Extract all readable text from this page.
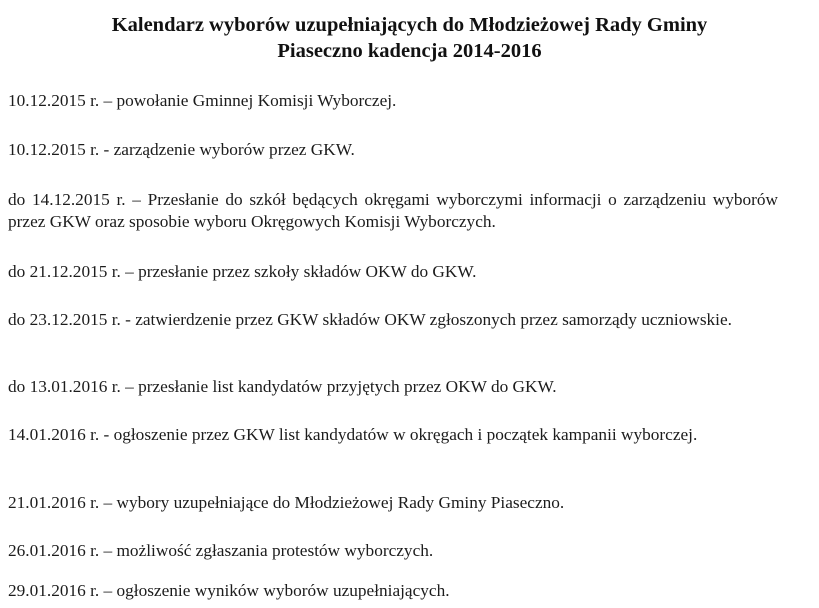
Kalendarz wyborów uzupełniających do Młodzieżowej Rady Gminy
Piaseczno kadencja 2014-2016
10.12.2015 r. – powołanie Gminnej Komisji Wyborczej.
10.12.2015 r. - zarządzenie wyborów przez GKW.
do 14.12.2015 r. – Przesłanie do szkół będących okręgami wyborczymi informacji o zarządzeniu wyborów przez GKW oraz sposobie wyboru Okręgowych Komisji Wyborczych.
do 21.12.2015 r. – przesłanie przez szkoły składów OKW do GKW.
do 23.12.2015 r. - zatwierdzenie przez GKW składów OKW zgłoszonych przez samorządy uczniowskie.
do 13.01.2016 r. – przesłanie list kandydatów przyjętych przez OKW do GKW.
14.01.2016 r. - ogłoszenie przez GKW list kandydatów w okręgach i początek kampanii wyborczej.
21.01.2016 r. – wybory uzupełniające do Młodzieżowej Rady Gminy Piaseczno.
26.01.2016 r. – możliwość zgłaszania protestów wyborczych.
29.01.2016 r. – ogłoszenie wyników wyborów uzupełniających.
